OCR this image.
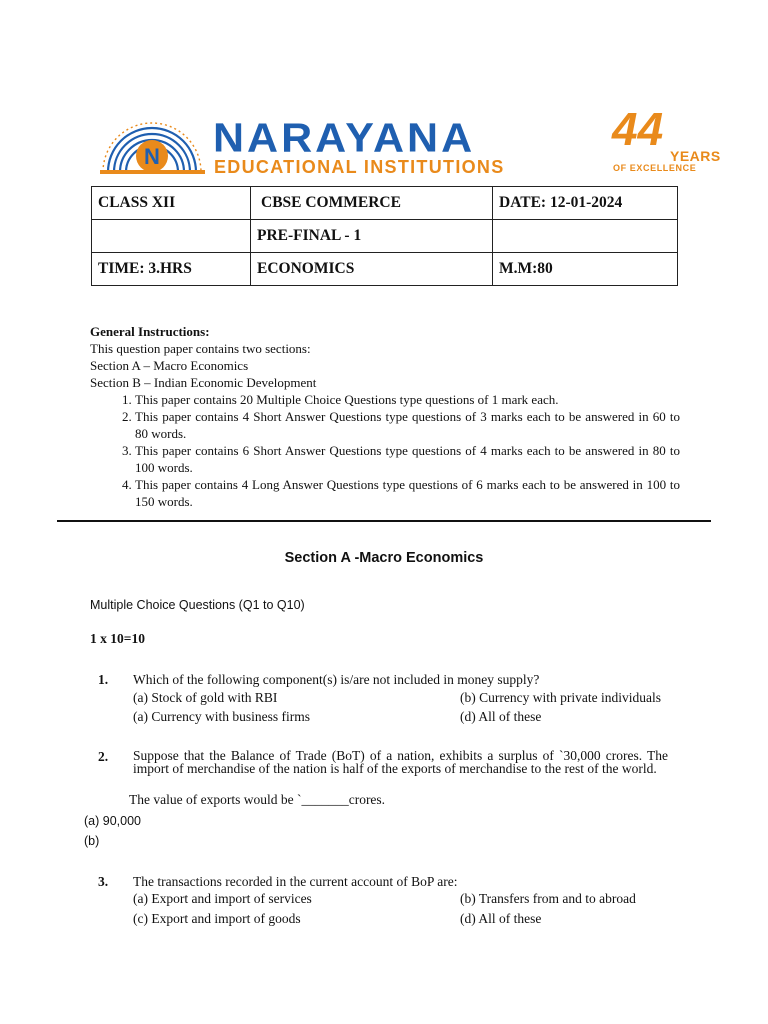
N NARAYANA
EDUCATIONAL INSTITUTIONS
44
YEARS
OF EXCELLENCE
CLASS XII	CBSE COMMERCE	DATE: 12-01-2024
	PRE-FINAL - 1	
TIME: 3.HRS	ECONOMICS	M.M:80
General Instructions:
This question paper contains two sections:
Section A – Macro Economics
Section B – Indian Economic Development
1. This paper contains 20 Multiple Choice Questions type questions of 1 mark each.
2. This paper contains 4 Short Answer Questions type questions of 3 marks each to be answered in 60 to 80 words.
3. This paper contains 6 Short Answer Questions type questions of 4 marks each to be answered in 80 to 100 words.
4. This paper contains 4 Long Answer Questions type questions of 6 marks each to be answered in 100 to 150 words.
Section A -Macro Economics
Multiple Choice Questions (Q1 to Q10)
1 x 10=10
1. Which of the following component(s) is/are not included in money supply?
(a) Stock of gold with RBI	(b) Currency with private individuals
(a) Currency with business firms	(d) All of these
2. Suppose that the Balance of Trade (BoT) of a nation, exhibits a surplus of `30,000 crores. The import of merchandise of the nation is half of the exports of merchandise to the rest of the world.
The value of exports would be `_______crores.
(a) 90,000
(b)
3. The transactions recorded in the current account of BoP are:
(a) Export and import of services	(b) Transfers from and to abroad
(c) Export and import of goods	(d) All of these
